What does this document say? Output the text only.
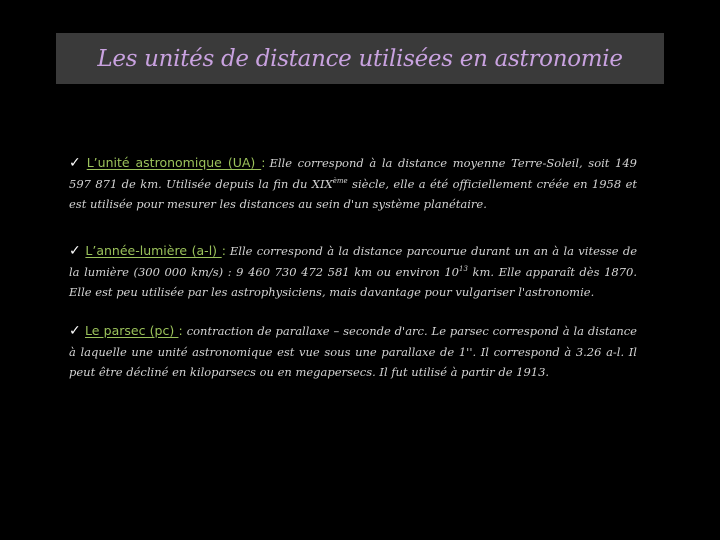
Les unités de distance utilisées en astronomie
✓ L’unité astronomique (UA) : Elle correspond à la distance moyenne Terre-Soleil, soit 149 597 871 de km. Utilisée depuis la fin du XIXème siècle, elle a été officiellement créée en 1958 et est utilisée pour mesurer les distances au sein d'un système planétaire.
✓ L’année-lumière (a-l) : Elle correspond à la distance parcourue durant un an à la vitesse de la lumière (300 000 km/s) : 9 460 730 472 581 km ou environ $10^{13}$ km. Elle apparaît dès 1870. Elle est peu utilisée par les astrophysiciens, mais davantage pour vulgariser l'astronomie.
✓ Le parsec (pc) : contraction de parallaxe – seconde d'arc. Le parsec correspond à la distance à laquelle une unité astronomique est vue sous une parallaxe de 1''. Il correspond à 3.26 a-l. Il peut être décliné en kiloparsecs ou en megapersecs. Il fut utilisé à partir de 1913.
